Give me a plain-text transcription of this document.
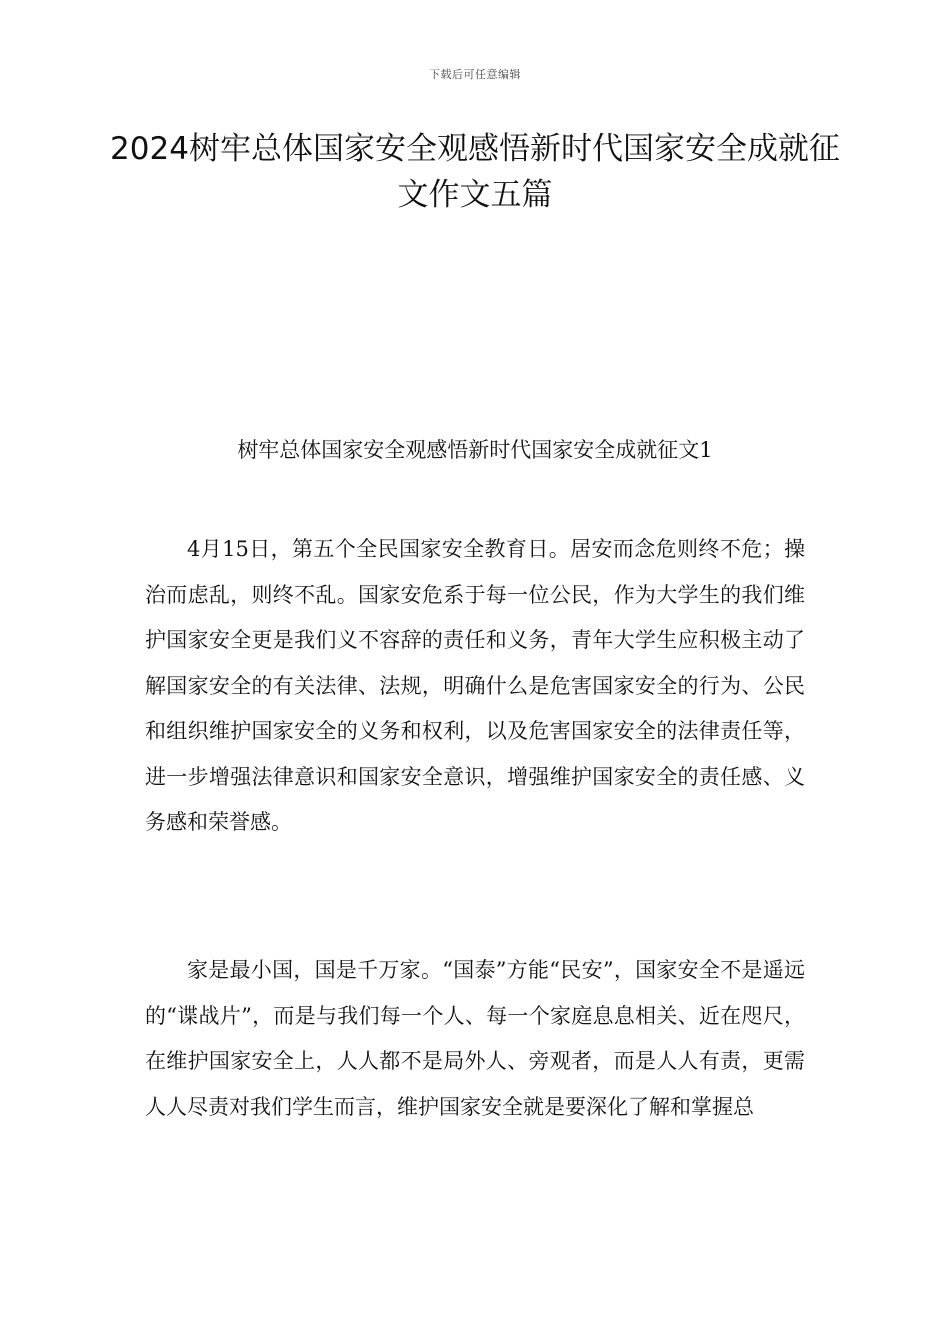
下载后可任意编辑
2024树牢总体国家安全观感悟新时代国家安全成就征文作文五篇
树牢总体国家安全观感悟新时代国家安全成就征文1

4月15日，第五个全民国家安全教育日。居安而念危则终不危；操治而虑乱，则终不乱。国家安危系于每一位公民，作为大学生的我们维护国家安全更是我们义不容辞的责任和义务，青年大学生应积极主动了解国家安全的有关法律、法规，明确什么是危害国家安全的行为、公民和组织维护国家安全的义务和权利，以及危害国家安全的法律责任等，进一步增强法律意识和国家安全意识，增强维护国家安全的责任感、义务感和荣誉感。

家是最小国，国是千万家。“国泰”方能“民安”，国家安全不是遥远的“谍战片”，而是与我们每一个人、每一个家庭息息相关、近在咫尺，在维护国家安全上，人人都不是局外人、旁观者，而是人人有责，更需人人尽责对我们学生而言，维护国家安全就是要深化了解和掌握总
